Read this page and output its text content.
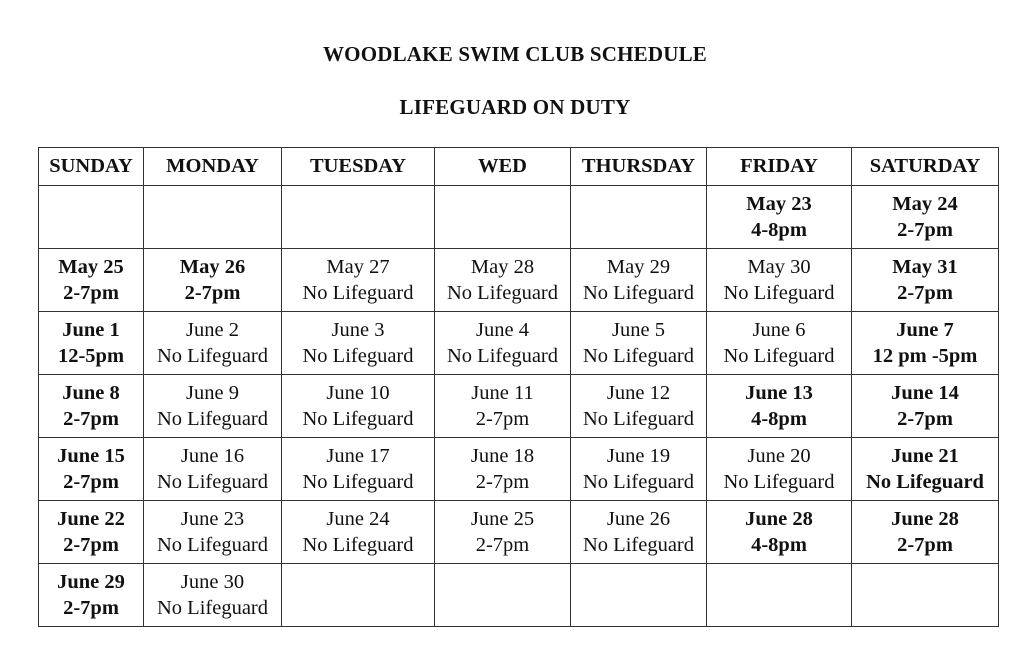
WOODLAKE SWIM CLUB SCHEDULE
LIFEGUARD ON DUTY
SUNDAY	MONDAY	TUESDAY	WED	THURSDAY	FRIDAY	SATURDAY

					May 23
4-8pm	May 24
2-7pm

May 25
2-7pm	May 26
2-7pm	May 27
No Lifeguard	May 28
No Lifeguard	May 29
No Lifeguard	May 30
No Lifeguard	May 31
2-7pm

June 1
12-5pm	June 2
No Lifeguard	June 3
No Lifeguard	June 4
No Lifeguard	June 5
No Lifeguard	June 6
No Lifeguard	June 7
12 pm -5pm

June 8
2-7pm	June 9
No Lifeguard	June 10
No Lifeguard	June 11
2-7pm	June 12
No Lifeguard	June 13
4-8pm	June 14
2-7pm

June 15
2-7pm	June 16
No Lifeguard	June 17
No Lifeguard	June 18
2-7pm	June 19
No Lifeguard	June 20
No Lifeguard	June 21
No Lifeguard

June 22
2-7pm	June 23
No Lifeguard	June 24
No Lifeguard	June 25
2-7pm	June 26
No Lifeguard	June 28
4-8pm	June 28
2-7pm

June 29
2-7pm	June 30
No Lifeguard					
